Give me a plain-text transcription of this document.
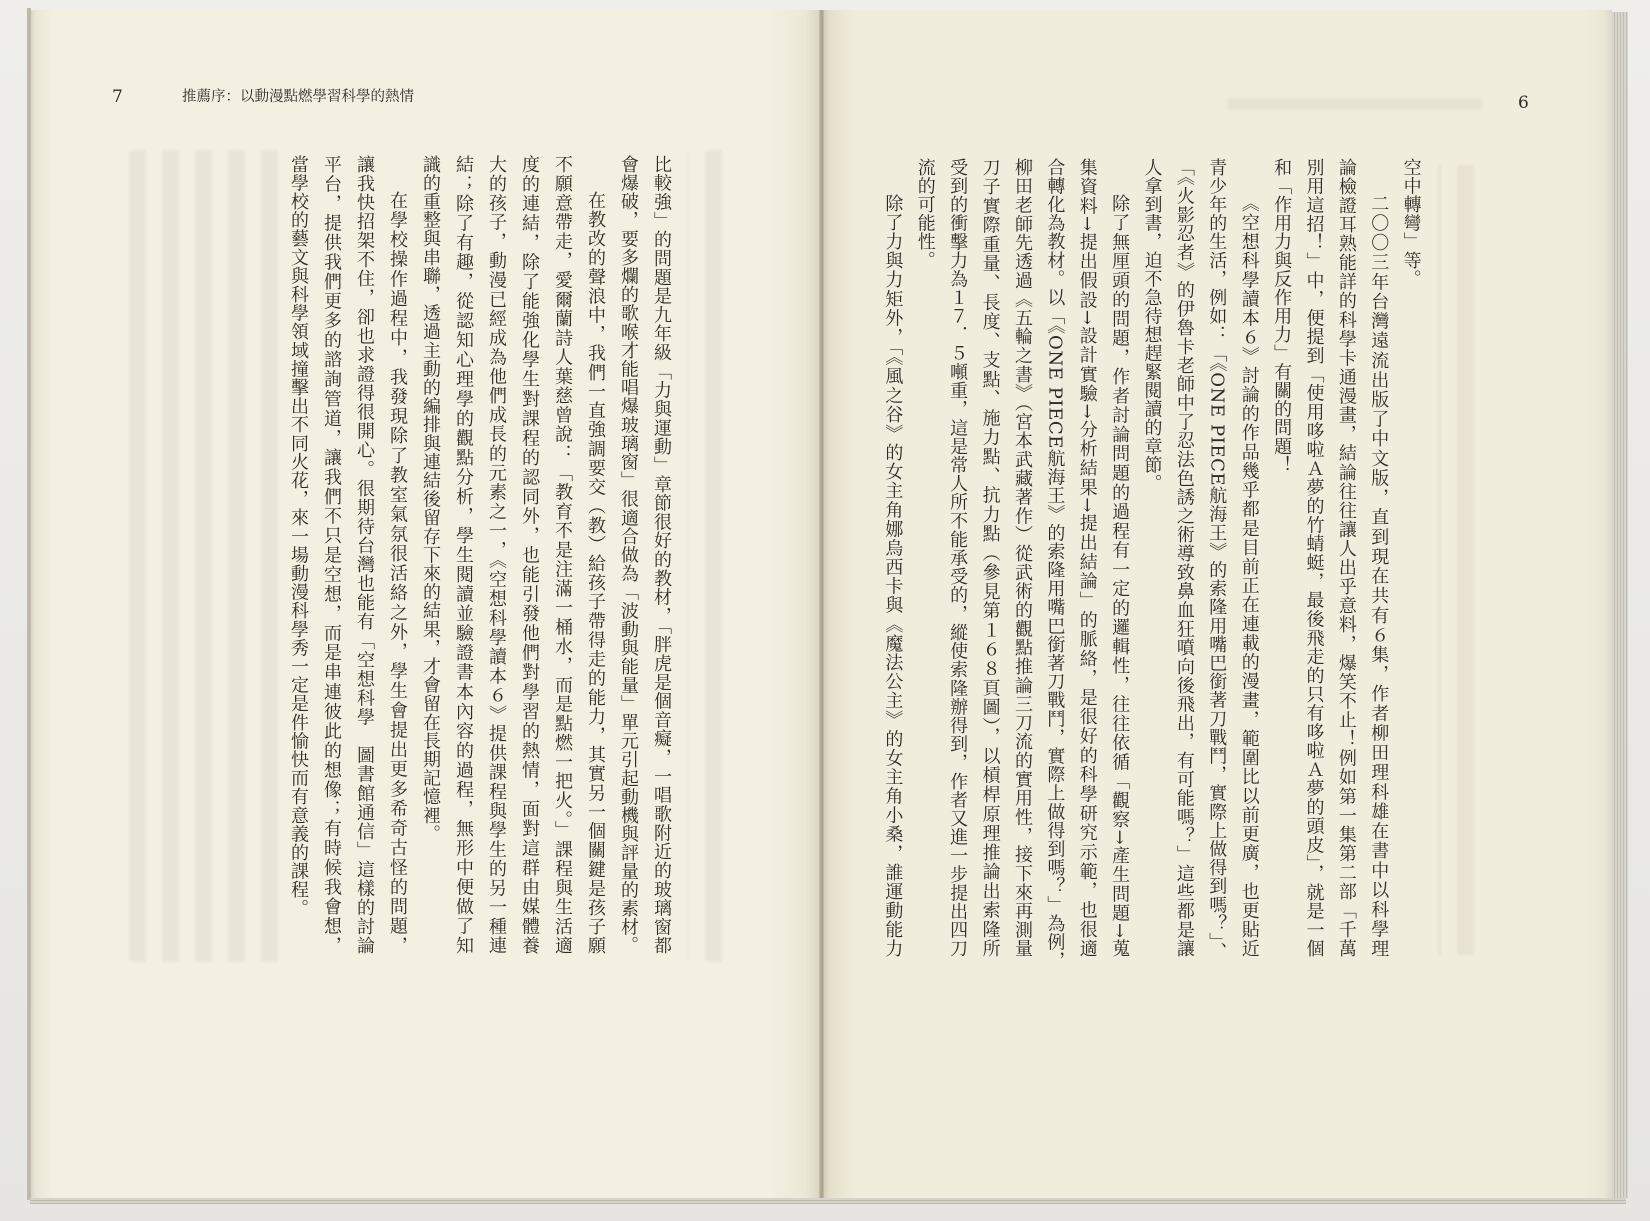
7	推薦序：以動漫點燃學習科學的熱情	6
比較強」的問題是九年級「力與運動」章節很好的教材，「胖虎是個音癡，一唱歌附近的玻璃窗都
會爆破，要多爛的歌喉才能唱爆玻璃窗」很適合做為「波動與能量」單元引起動機與評量的素材。
在教改的聲浪中，我們一直強調要交（教）給孩子帶得走的能力，其實另一個關鍵是孩子願
不願意帶走，愛爾蘭詩人葉慈曾說：「教育不是注滿一桶水，而是點燃一把火。」課程與生活適
度的連結，除了能強化學生對課程的認同外，也能引發他們對學習的熱情，面對這群由媒體養
大的孩子，動漫已經成為他們成長的元素之一，《空想科學讀本６》提供課程與學生的另一種連
結；除了有趣，從認知心理學的觀點分析，學生閱讀並驗證書本內容的過程，無形中便做了知
識的重整與串聯，透過主動的編排與連結後留存下來的結果，才會留在長期記憶裡。
在學校操作過程中，我發現除了教室氣氛很活絡之外，學生會提出更多希奇古怪的問題，
讓我快招架不住，卻也求證得很開心。很期待台灣也能有「空想科學　圖書館通信」這樣的討論
平台，提供我們更多的諮詢管道，讓我們不只是空想，而是串連彼此的想像；有時候我會想，
當學校的藝文與科學領域撞擊出不同火花，來一場動漫科學秀一定是件愉快而有意義的課程。	空中轉彎」等。
二〇〇三年台灣遠流出版了中文版，直到現在共有６集，作者柳田理科雄在書中以科學理
論檢證耳熟能詳的科學卡通漫畫，結論往往讓人出乎意料，爆笑不止！例如第一集第二部「千萬
別用這招！」中，便提到「使用哆啦Ａ夢的竹蜻蜓，最後飛走的只有哆啦Ａ夢的頭皮」，就是一個
和「作用力與反作用力」有關的問題！
《空想科學讀本６》討論的作品幾乎都是目前正在連載的漫畫，範圍比以前更廣，也更貼近
青少年的生活，例如：「《ONE PIECE航海王》的索隆用嘴巴銜著刀戰鬥，實際上做得到嗎？」、
「《火影忍者》的伊魯卡老師中了忍法色誘之術導致鼻血狂噴向後飛出，有可能嗎？」這些都是讓
人拿到書，迫不急待想趕緊閱讀的章節。
除了無厘頭的問題，作者討論問題的過程有一定的邏輯性，往往依循「觀察→產生問題→蒐
集資料→提出假設→設計實驗→分析結果→提出結論」的脈絡，是很好的科學研究示範，也很適
合轉化為教材。以「《ONE PIECE航海王》的索隆用嘴巴銜著刀戰鬥，實際上做得到嗎？」為例，
柳田老師先透過《五輪之書》（宮本武藏著作）從武術的觀點推論三刀流的實用性，接下來再測量
刀子實際重量、長度、支點、施力點、抗力點（參見第１６８頁圖），以槓桿原理推論出索隆所
受到的衝擊力為１７．５噸重，這是常人所不能承受的，縱使索隆辦得到，作者又進一步提出四刀
流的可能性。
除了力與力矩外，「《風之谷》的女主角娜烏西卡與《魔法公主》的女主角小桑，誰運動能力
